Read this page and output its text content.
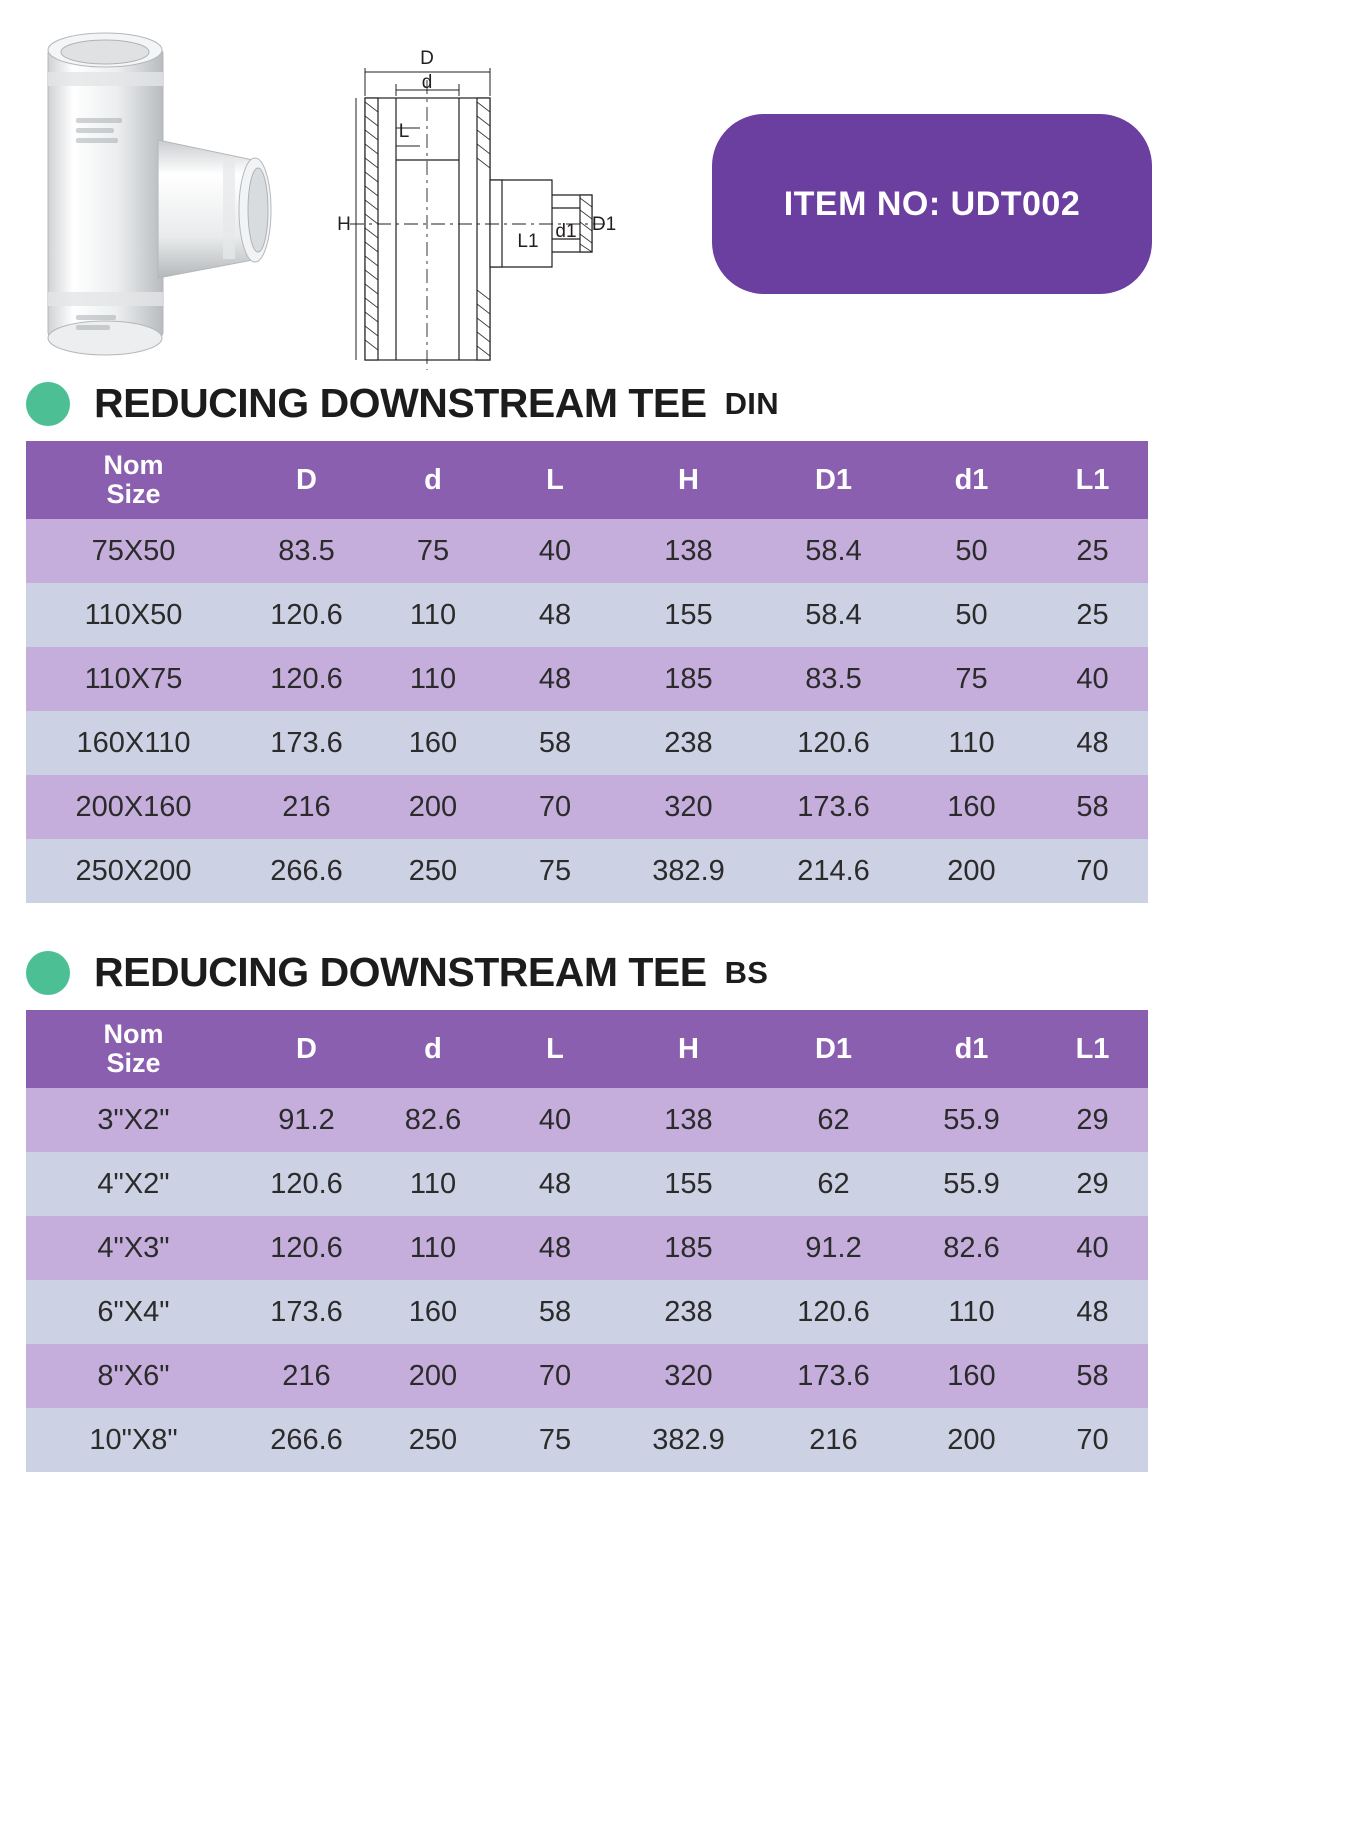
D
d
L
H
L1 d1 D1
ITEM NO: UDT002
REDUCING DOWNSTREAM TEE DIN
Nom
Size	D	d	L	H	D1	d1	L1
75X50	83.5	75	40	138	58.4	50	25
110X50	120.6	110	48	155	58.4	50	25
110X75	120.6	110	48	185	83.5	75	40
160X110	173.6	160	58	238	120.6	110	48
200X160	216	200	70	320	173.6	160	58
250X200	266.6	250	75	382.9	214.6	200	70
REDUCING DOWNSTREAM TEE BS
Nom
Size	D	d	L	H	D1	d1	L1
3"X2"	91.2	82.6	40	138	62	55.9	29
4"X2"	120.6	110	48	155	62	55.9	29
4"X3"	120.6	110	48	185	91.2	82.6	40
6"X4"	173.6	160	58	238	120.6	110	48
8"X6"	216	200	70	320	173.6	160	58
10"X8"	266.6	250	75	382.9	216	200	70
